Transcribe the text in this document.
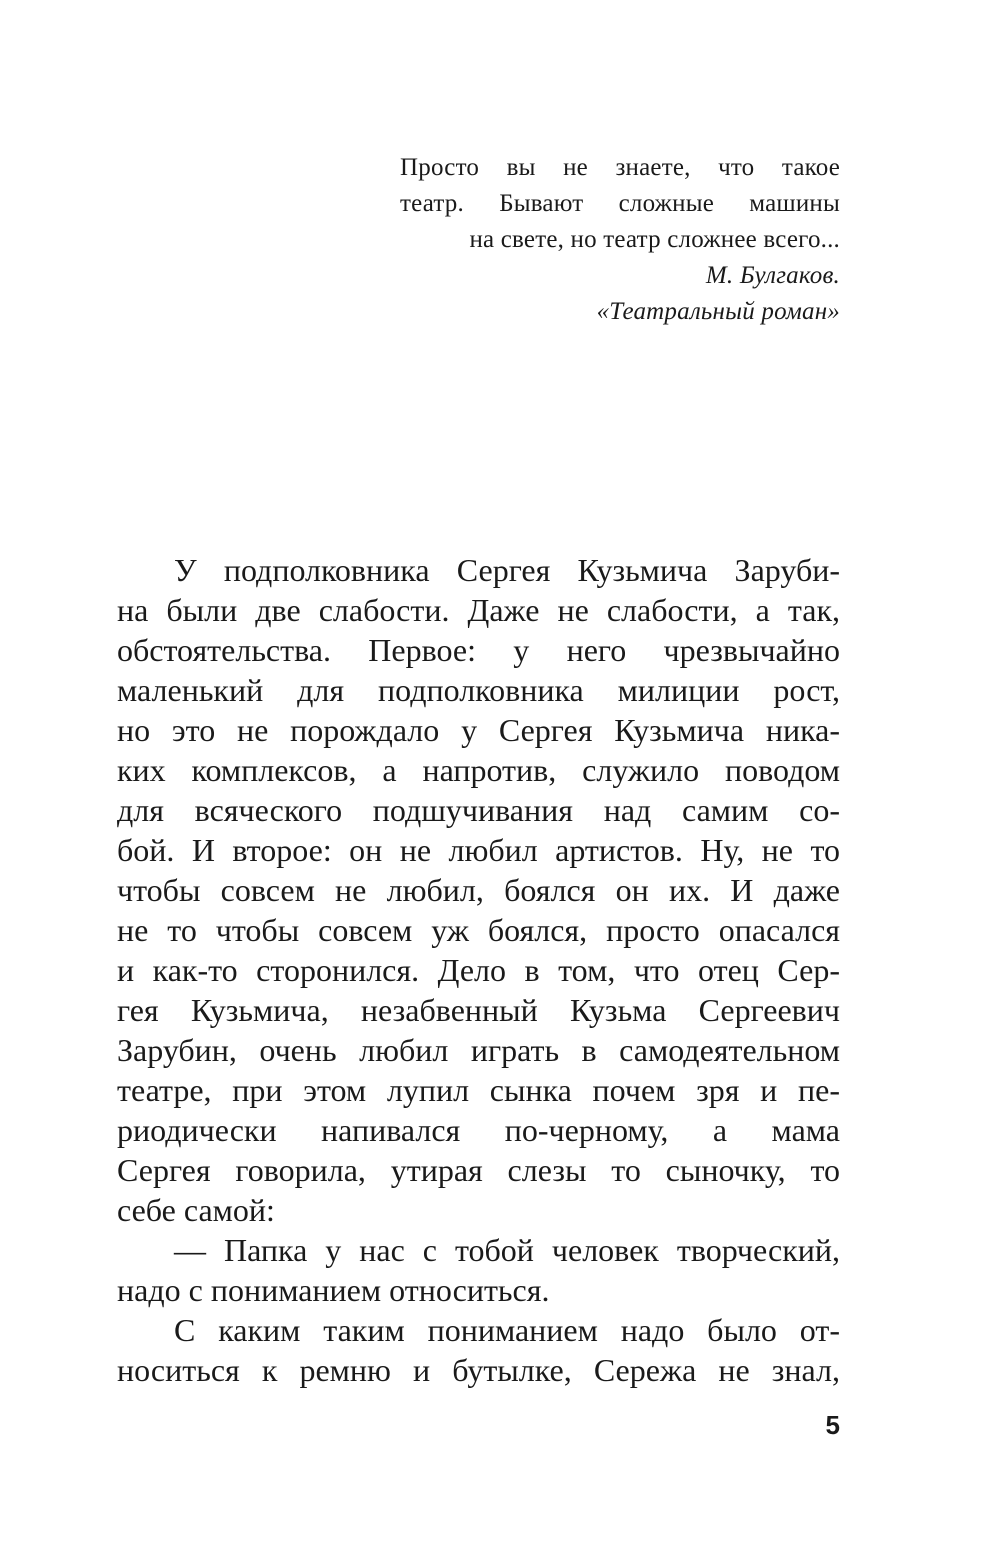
Просто вы не знаете, что такое
театр. Бывают сложные машины
на свете, но театр сложнее всего...
М. Булгаков.
«Театральный роман»
У подполковника Сергея Кузьмича Заруби-
на были две слабости. Даже не слабости, а так,
обстоятельства. Первое: у него чрезвычайно
маленький для подполковника милиции рост,
но это не порождало у Сергея Кузьмича ника-
ких комплексов, а напротив, служило поводом
для всяческого подшучивания над самим со-
бой. И второе: он не любил артистов. Ну, не то
чтобы совсем не любил, боялся он их. И даже
не то чтобы совсем уж боялся, просто опасался
и как-то сторонился. Дело в том, что отец Сер-
гея Кузьмича, незабвенный Кузьма Сергеевич
Зарубин, очень любил играть в самодеятельном
театре, при этом лупил сынка почем зря и пе-
риодически напивался по-черному, а мама
Сергея говорила, утирая слезы то сыночку, то
себе самой:
— Папка у нас с тобой человек творческий,
надо с пониманием относиться.
С каким таким пониманием надо было от-
носиться к ремню и бутылке, Сережа не знал,
5
